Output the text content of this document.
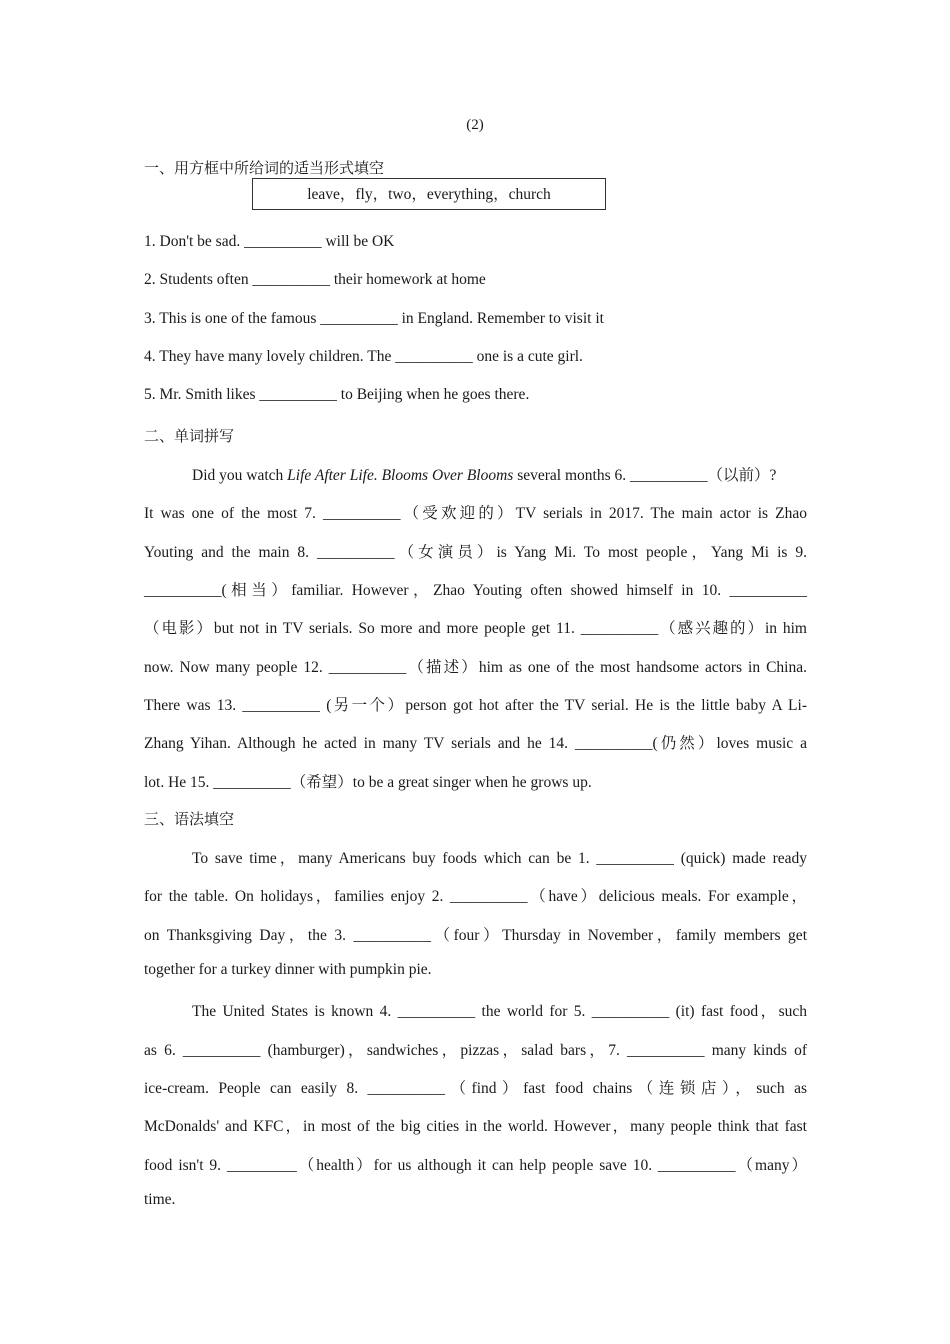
(2)
一、用方框中所给词的适当形式填空
leave，fly，two，everything，church
1. Don't be sad. __________ will be OK
2. Students often __________ their homework at home
3. This is one of the famous __________ in England. Remember to visit it
4. They have many lovely children. The __________ one is a cute girl.
5. Mr. Smith likes __________ to Beijing when he goes there.
二、单词拼写
Did you watch Life After Life. Blooms Over Blooms several months 6. __________（以前）?
It was one of the most 7. __________（受欢迎的）TV serials in 2017. The main actor is Zhao
Youting and the main 8. __________（女演员）is Yang Mi. To most people，Yang Mi is 9.
__________(相当）familiar. However，Zhao Youting often showed himself in 10. __________
（电影）but not in TV serials. So more and more people get 11. __________（感兴趣的）in him
now. Now many people 12. __________（描述）him as one of the most handsome actors in China.
There was 13. __________ (另一个）person got hot after the TV serial. He is the little baby A Li-
Zhang Yihan. Although he acted in many TV serials and he 14. __________(仍然）loves music a
lot. He 15. __________（希望）to be a great singer when he grows up.
三、语法填空
To save time，many Americans buy foods which can be 1. __________ (quick) made ready
for the table. On holidays，families enjoy 2. __________（have）delicious meals. For example，
on Thanksgiving Day，the 3. __________（four）Thursday in November，family members get
together for a turkey dinner with pumpkin pie.
The United States is known 4. __________ the world for 5. __________ (it) fast food，such
as 6. __________ (hamburger)，sandwiches，pizzas，salad bars，7. __________ many kinds of
ice-cream. People can easily 8. __________（find）fast food chains（连锁店），such as
McDonalds' and KFC，in most of the big cities in the world. However，many people think that fast
food isn't 9. _________（health）for us although it can help people save 10. __________（many）
time.
